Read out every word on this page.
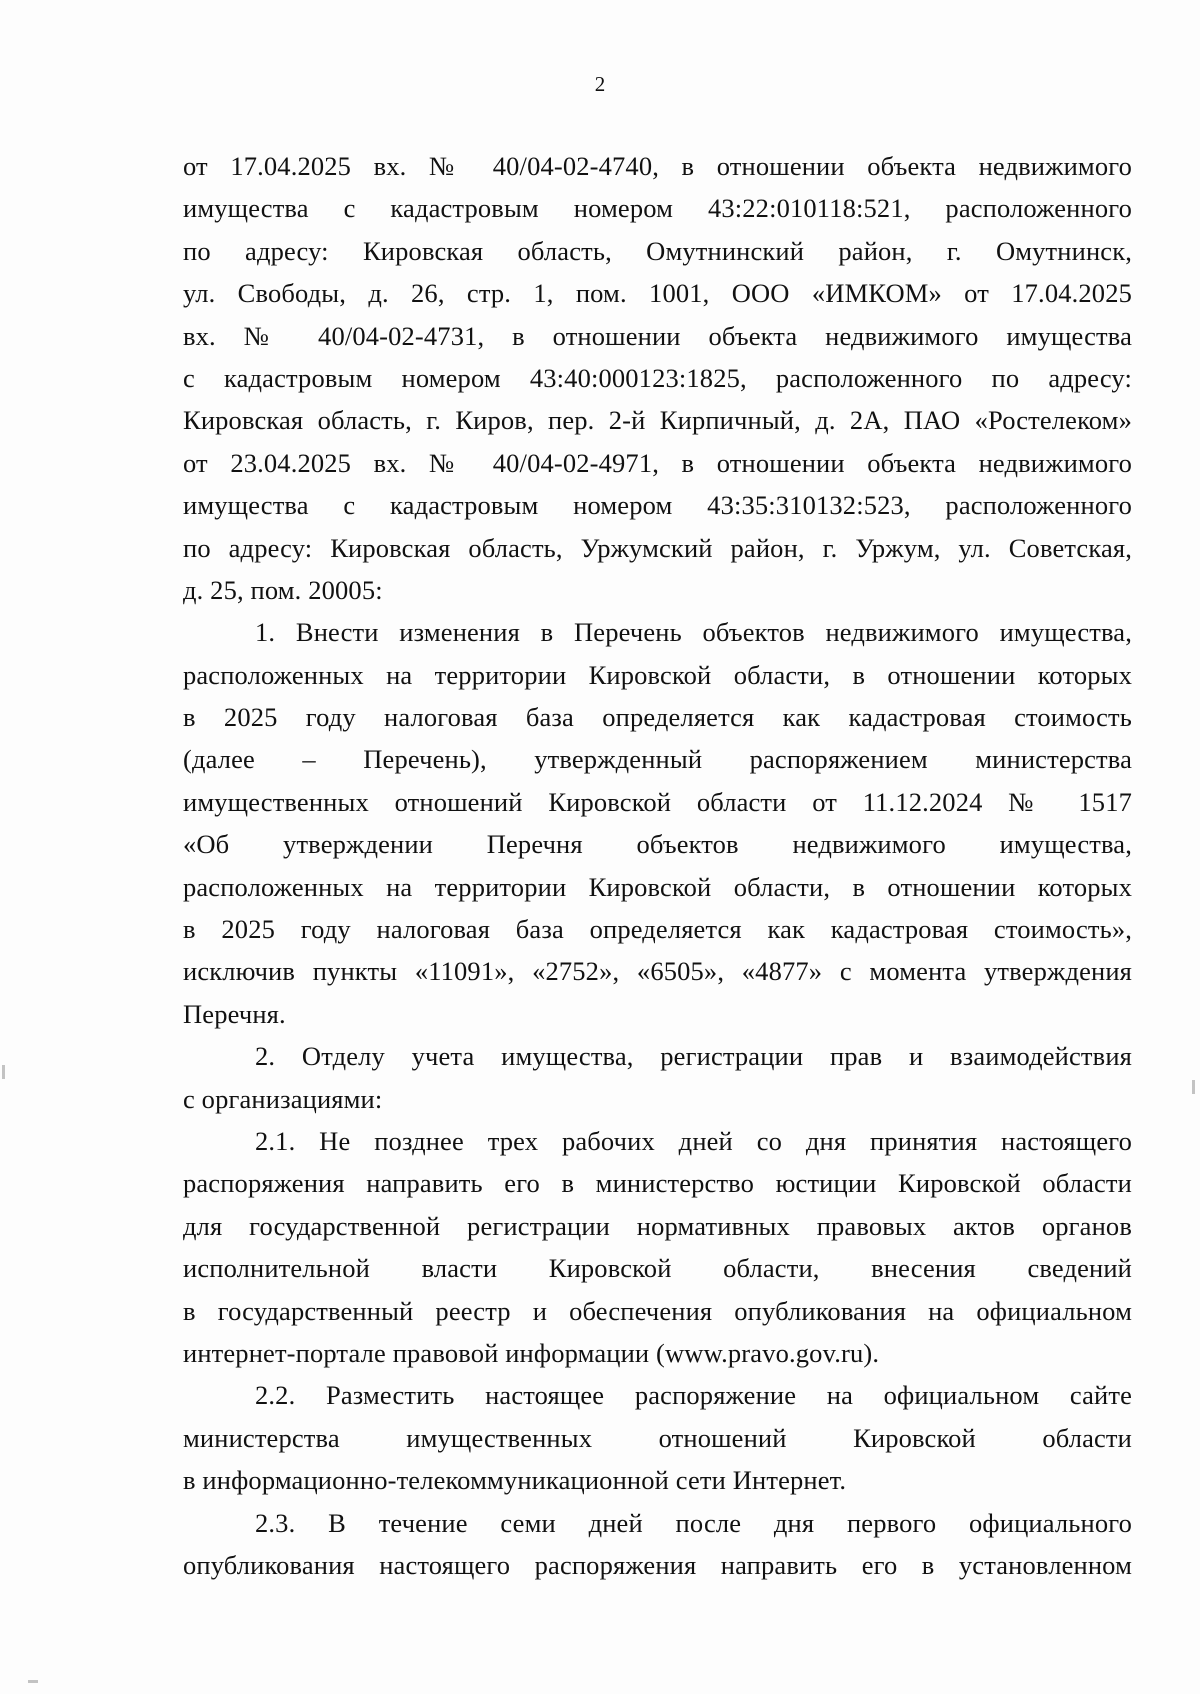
2
от 17.04.2025 вх. № 40/04-02-4740, в отношении объекта недвижимого
имущества с кадастровым номером 43:22:010118:521, расположенного
по адресу: Кировская область, Омутнинский район, г. Омутнинск,
ул. Свободы, д. 26, стр. 1, пом. 1001, ООО «ИМКОМ» от 17.04.2025
вх. № 40/04-02-4731, в отношении объекта недвижимого имущества
с кадастровым номером 43:40:000123:1825, расположенного по адресу:
Кировская область, г. Киров, пер. 2-й Кирпичный, д. 2А, ПАО «Ростелеком»
от 23.04.2025 вх. № 40/04-02-4971, в отношении объекта недвижимого
имущества с кадастровым номером 43:35:310132:523, расположенного
по адресу: Кировская область, Уржумский район, г. Уржум, ул. Советская,
д. 25, пом. 20005:
1. Внести изменения в Перечень объектов недвижимого имущества,
расположенных на территории Кировской области, в отношении которых
в 2025 году налоговая база определяется как кадастровая стоимость
(далее – Перечень), утвержденный распоряжением министерства
имущественных отношений Кировской области от 11.12.2024 № 1517
«Об утверждении Перечня объектов недвижимого имущества,
расположенных на территории Кировской области, в отношении которых
в 2025 году налоговая база определяется как кадастровая стоимость»,
исключив пункты «11091», «2752», «6505», «4877» с момента утверждения
Перечня.
2. Отделу учета имущества, регистрации прав и взаимодействия
с организациями:
2.1. Не позднее трех рабочих дней со дня принятия настоящего
распоряжения направить его в министерство юстиции Кировской области
для государственной регистрации нормативных правовых актов органов
исполнительной власти Кировской области, внесения сведений
в государственный реестр и обеспечения опубликования на официальном
интернет-портале правовой информации (www.pravo.gov.ru).
2.2. Разместить настоящее распоряжение на официальном сайте
министерства имущественных отношений Кировской области
в информационно-телекоммуникационной сети Интернет.
2.3. В течение семи дней после дня первого официального
опубликования настоящего распоряжения направить его в установленном
